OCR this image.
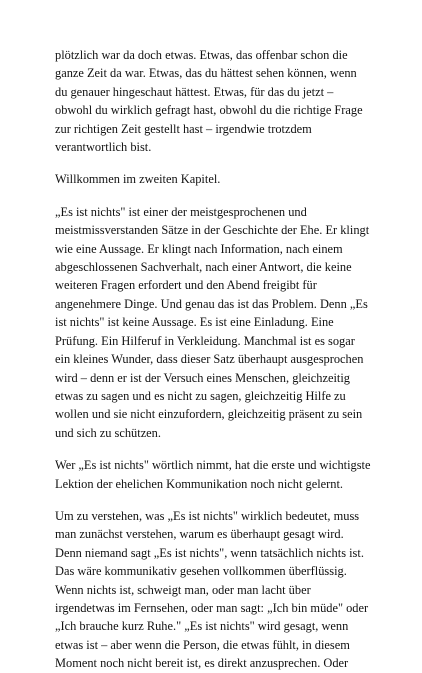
plötzlich war da doch etwas. Etwas, das offenbar schon die
ganze Zeit da war. Etwas, das du hättest sehen können, wenn
du genauer hingeschaut hättest. Etwas, für das du jetzt –
obwohl du wirklich gefragt hast, obwohl du die richtige Frage
zur richtigen Zeit gestellt hast – irgendwie trotzdem
verantwortlich bist.

Willkommen im zweiten Kapitel.

„Es ist nichts" ist einer der meistgesprochenen und
meistmissverstanden Sätze in der Geschichte der Ehe. Er klingt
wie eine Aussage. Er klingt nach Information, nach einem
abgeschlossenen Sachverhalt, nach einer Antwort, die keine
weiteren Fragen erfordert und den Abend freigibt für
angenehmere Dinge. Und genau das ist das Problem. Denn „Es
ist nichts" ist keine Aussage. Es ist eine Einladung. Eine
Prüfung. Ein Hilferuf in Verkleidung. Manchmal ist es sogar
ein kleines Wunder, dass dieser Satz überhaupt ausgesprochen
wird – denn er ist der Versuch eines Menschen, gleichzeitig
etwas zu sagen und es nicht zu sagen, gleichzeitig Hilfe zu
wollen und sie nicht einzufordern, gleichzeitig präsent zu sein
und sich zu schützen.

Wer „Es ist nichts" wörtlich nimmt, hat die erste und wichtigste
Lektion der ehelichen Kommunikation noch nicht gelernt.

Um zu verstehen, was „Es ist nichts" wirklich bedeutet, muss
man zunächst verstehen, warum es überhaupt gesagt wird.
Denn niemand sagt „Es ist nichts", wenn tatsächlich nichts ist.
Das wäre kommunikativ gesehen vollkommen überflüssig.
Wenn nichts ist, schweigt man, oder man lacht über
irgendetwas im Fernsehen, oder man sagt: „Ich bin müde" oder
„Ich brauche kurz Ruhe." „Es ist nichts" wird gesagt, wenn
etwas ist – aber wenn die Person, die etwas fühlt, in diesem
Moment noch nicht bereit ist, es direkt anzusprechen. Oder
